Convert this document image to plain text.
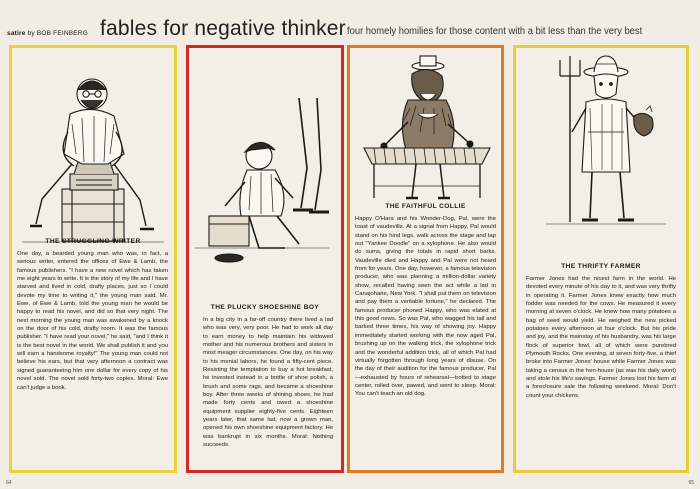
satire by BOB FEINBERG fables for negative thinker four homely homilies for those content with a bit less than the very best
THE STRUGGLING WRITER
One day, a bearded young man who was, in fact, a serious writer, entered the offices of Ewe & Lamb, the famous publishers. "I have a new novel which has taken me eight years to write. It is the story of my life and I have starved and lived in cold, drafty places, just so I could devote my time to writing it," the young man said. Mr. Ewe, of Ewe & Lamb, told the young man he would be happy to read his novel, and did so that very night. The next morning the young man was awakened by a knock on the door of his cold, drafty room. It was the famous publisher. "I have read your novel," he said, "and I think it is the best novel in the world. We shall publish it and you will earn a handsome royalty!" The young man could not believe his ears, but that very afternoon a contract was signed guaranteeing him one dollar for every copy of his novel sold. The novel sold forty-two copies. Moral: Ewe can't judge a book.
THE PLUCKY SHOESHINE BOY
In a big city in a far-off country there lived a lad who was very, very poor. He had to work all day to earn money to help maintain his widowed mother and his numerous brothers and sisters in most meager circumstances. One day, on his way to his menial labors, he found a fifty-cent piece. Resisting the temptation to buy a hot breakfast, he invested instead in a bottle of shoe polish, a brush and some rags, and became a shoeshine boy. After three weeks of shining shoes, he had made forty cents and owed a shoeshine equipment supplier eighty-five cents. Eighteen years later, that same lad, now a grown man, opened his own shoeshine equipment factory. He was bankrupt in six months. Moral: Nothing succeeds.
THE FAITHFUL COLLIE
Happy O'Hara and his Wonder-Dog, Pal, were the toast of vaudeville. At a signal from Happy, Pal would stand on his hind legs, walk across the stage and tap out "Yankee Doodle" on a xylophone. He also would do sums, giving the totals in rapid short barks. Vaudeville died and Happy and Pal were not heard from for years. One day, however, a famous television producer, who was planning a million-dollar variety show, recalled having seen the act while a lad in Canajoharie, New York. "I shall put them on television and pay them a veritable fortune," he declared. The famous producer phoned Happy, who was elated at this good news. So was Pal, who wagged his tail and barked three times, his way of showing joy. Happy immediately started working with the now aged Pal, brushing up on the walking trick, the xylophone trick and the wonderful addition trick, all of which Pal had virtually forgotten through long years of disuse. On the day of their audition for the famous producer, Pal—exhausted by hours of rehearsal—trotted to stage center, rolled over, pawed, and went to sleep. Moral: You can't teach an old dog.
THE THRIFTY FARMER
Farmer Jones had the nicest farm in the world. He devoted every minute of his day to it, and was very thrifty in operating it. Farmer Jones knew exactly how much fodder was needed for the cows. He measured it every morning at seven o'clock. He knew how many potatoes a bag of seed would yield. He weighed the new picked potatoes every afternoon at four o'clock. But his pride and joy, and the mainstay of his husbandry, was his large flock of superior fowl, all of which were purebred Plymouth Rocks. One evening, at seven forty-five, a thief broke into Farmer Jones' house while Farmer Jones was taking a census in the hen-house (as was his daily wont) and stole his life's savings. Farmer Jones lost his farm at a foreclosure sale the following weekend. Moral: Don't count your chickens.
64	65
